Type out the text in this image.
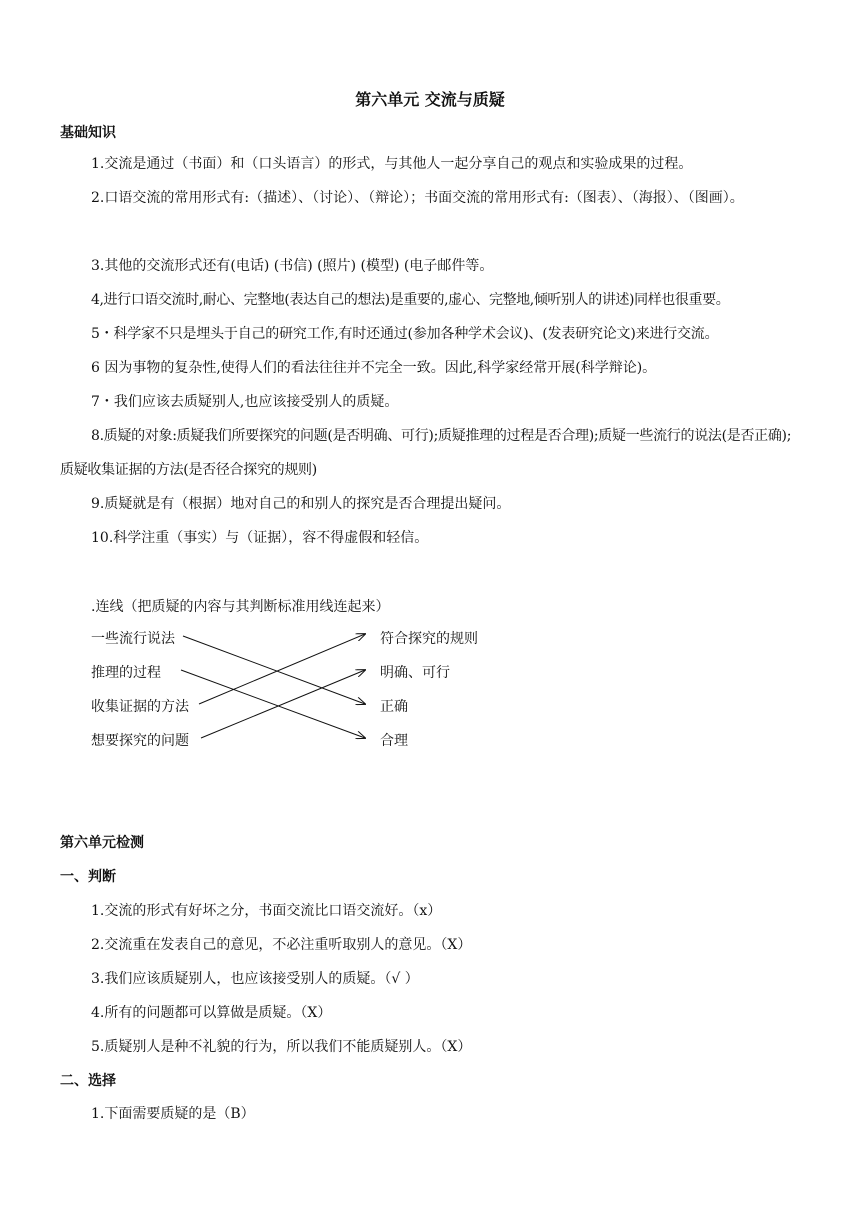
第六单元 交流与质疑
基础知识
1.交流是通过（书面）和（口头语言）的形式，与其他人一起分享自己的观点和实验成果的过程。
2.口语交流的常用形式有:（描述）、（讨论）、（辩论）；书面交流的常用形式有:（图表）、（海报）、（图画）。
3.其他的交流形式还有(电话) (书信) (照片) (模型) (电子邮件等。
4,进行口语交流时,耐心、完整地(表达自己的想法)是重要的,虚心、完整地,倾听别人的讲述)同样也很重要。
5・科学家不只是埋头于自己的研究工作,有时还通过(参加各种学术会议)、(发表研究论文)来进行交流。
6 因为事物的复杂性,使得人们的看法往往并不完全一致。因此,科学家经常开展(科学辩论)。
7・我们应该去质疑别人,也应该接受别人的质疑。
8.质疑的对象:质疑我们所要探究的问题(是否明确、可行);质疑推理的过程是否合理);质疑一些流行的说法(是否正确);质疑收集证据的方法(是否径合探究的规则)
9.质疑就是有（根据）地对自己的和别人的探究是否合理提出疑问。
10.科学注重（事实）与（证据），容不得虚假和轻信。
.连线（把质疑的内容与其判断标准用线连起来）
一些流行说法
推理的过程
收集证据的方法
想要探究的问题
符合探究的规则
明确、可行
正确
合理
第六单元检测
一、判断
1.交流的形式有好坏之分，书面交流比口语交流好。（x）
2.交流重在发表自己的意见，不必注重听取别人的意见。（X）
3.我们应该质疑别人，也应该接受别人的质疑。（√ ）
4.所有的问题都可以算做是质疑。（X）
5.质疑别人是种不礼貌的行为，所以我们不能质疑别人。（X）
二、选择
1.下面需要质疑的是（B）
